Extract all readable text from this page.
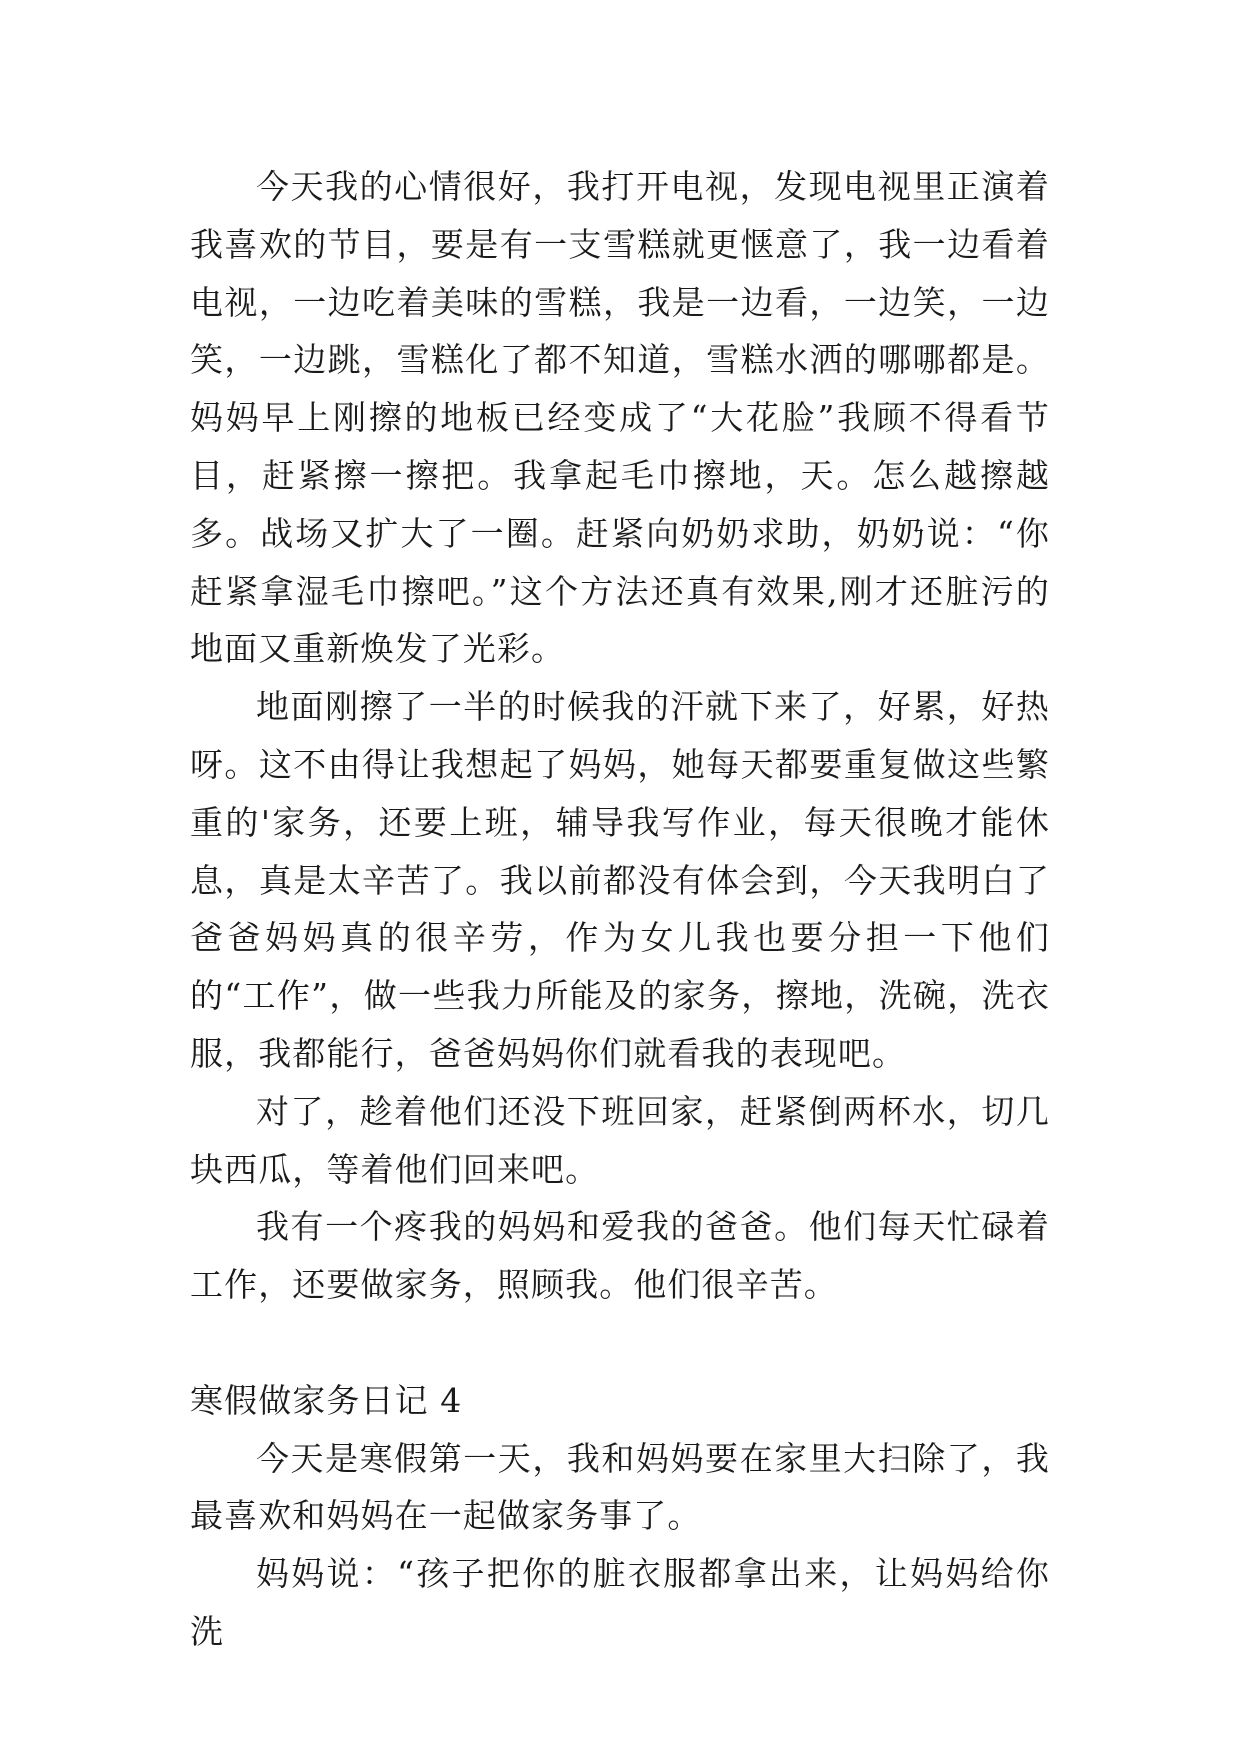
今天我的心情很好，我打开电视，发现电视里正演着我喜欢的节目，要是有一支雪糕就更惬意了，我一边看着电视，一边吃着美味的雪糕，我是一边看，一边笑，一边笑，一边跳，雪糕化了都不知道，雪糕水洒的哪哪都是。妈妈早上刚擦的地板已经变成了“大花脸”我顾不得看节目，赶紧擦一擦把。我拿起毛巾擦地，天。怎么越擦越多。战场又扩大了一圈。赶紧向奶奶求助，奶奶说：“你赶紧拿湿毛巾擦吧。”这个方法还真有效果,刚才还脏污的地面又重新焕发了光彩。

地面刚擦了一半的时候我的汗就下来了，好累，好热呀。这不由得让我想起了妈妈，她每天都要重复做这些繁重的'家务，还要上班，辅导我写作业，每天很晚才能休息，真是太辛苦了。我以前都没有体会到，今天我明白了爸爸妈妈真的很辛劳，作为女儿我也要分担一下他们的“工作”，做一些我力所能及的家务，擦地，洗碗，洗衣服，我都能行，爸爸妈妈你们就看我的表现吧。

对了，趁着他们还没下班回家，赶紧倒两杯水，切几块西瓜，等着他们回来吧。

我有一个疼我的妈妈和爱我的爸爸。他们每天忙碌着工作，还要做家务，照顾我。他们很辛苦。

寒假做家务日记 4

今天是寒假第一天，我和妈妈要在家里大扫除了，我最喜欢和妈妈在一起做家务事了。

妈妈说：“孩子把你的脏衣服都拿出来，让妈妈给你洗
